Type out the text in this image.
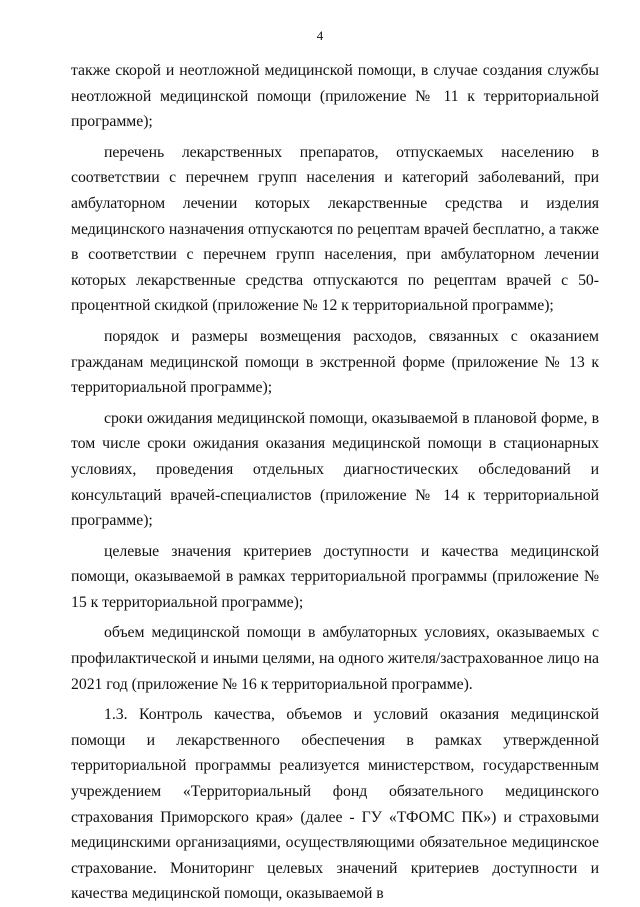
4

также скорой и неотложной медицинской помощи, в случае создания службы неотложной медицинской помощи (приложение № 11 к территориальной программе);

перечень лекарственных препаратов, отпускаемых населению в соответствии с перечнем групп населения и категорий заболеваний, при амбулаторном лечении которых лекарственные средства и изделия медицинского назначения отпускаются по рецептам врачей бесплатно, а также в соответствии с перечнем групп населения, при амбулаторном лечении которых лекарственные средства отпускаются по рецептам врачей с 50-процентной скидкой (приложение № 12 к территориальной программе);

порядок и размеры возмещения расходов, связанных с оказанием гражданам медицинской помощи в экстренной форме (приложение № 13 к территориальной программе);

сроки ожидания медицинской помощи, оказываемой в плановой форме, в том числе сроки ожидания оказания медицинской помощи в стационарных условиях, проведения отдельных диагностических обследований и консультаций врачей-специалистов (приложение № 14 к территориальной программе);

целевые значения критериев доступности и качества медицинской помощи, оказываемой в рамках территориальной программы (приложение № 15 к территориальной программе);

объем медицинской помощи в амбулаторных условиях, оказываемых с профилактической и иными целями, на одного жителя/застрахованное лицо на 2021 год (приложение № 16 к территориальной программе).

1.3. Контроль качества, объемов и условий оказания медицинской помощи и лекарственного обеспечения в рамках утвержденной территориальной программы реализуется министерством, государственным учреждением «Территориальный фонд обязательного медицинского страхования Приморского края» (далее - ГУ «ТФОМС ПК») и страховыми медицинскими организациями, осуществляющими обязательное медицинское страхование. Мониторинг целевых значений критериев доступности и качества медицинской помощи, оказываемой в
